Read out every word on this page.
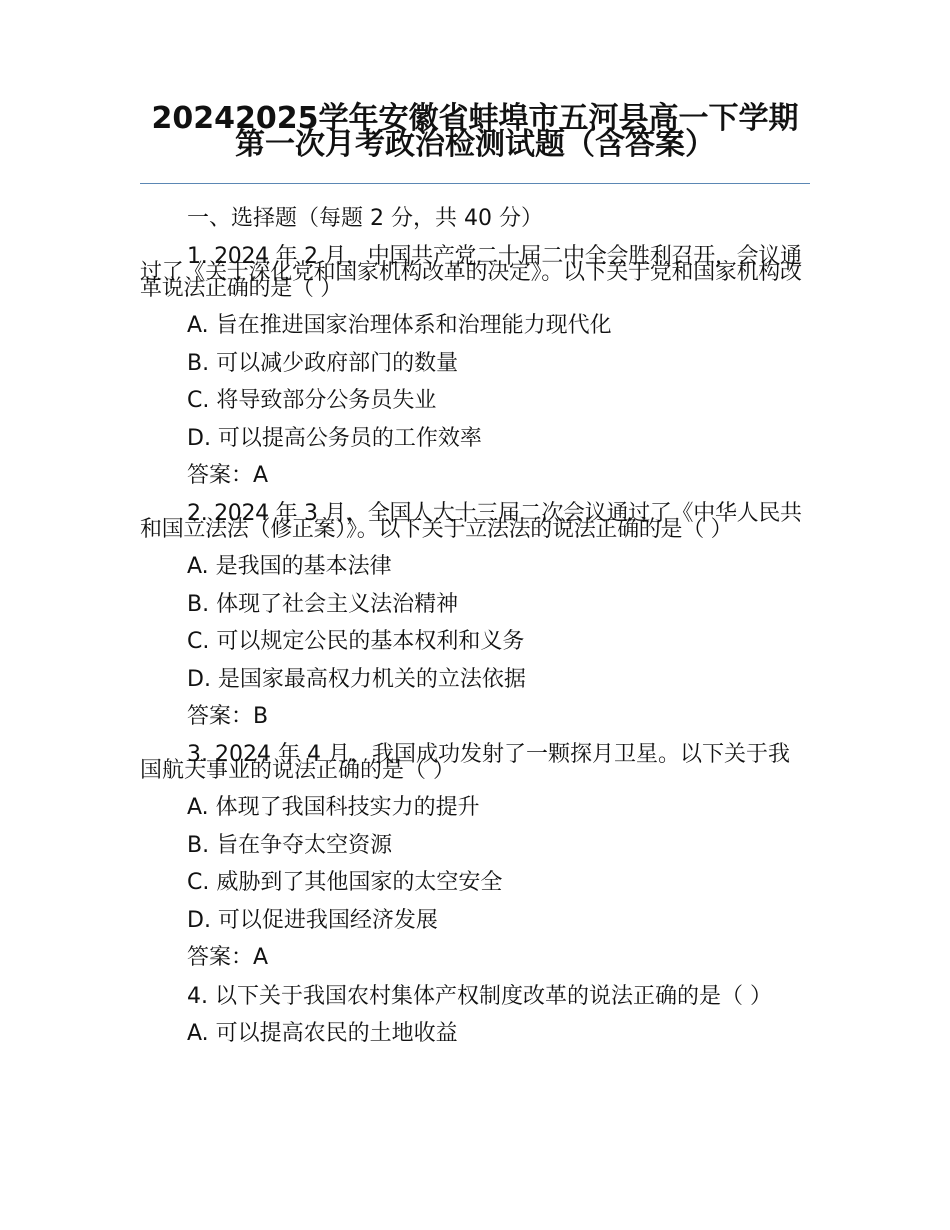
20242025学年安徽省蚌埠市五河县高一下学期第一次月考政治检测试题（含答案）
一、选择题（每题 2 分，共 40 分）
1. 2024 年 2 月，中国共产党二十届二中全会胜利召开，会议通过了《关于深化党和国家机构改革的决定》。以下关于党和国家机构改革说法正确的是（ ）
A. 旨在推进国家治理体系和治理能力现代化
B. 可以减少政府部门的数量
C. 将导致部分公务员失业
D. 可以提高公务员的工作效率
答案：A
2. 2024 年 3 月，全国人大十三届二次会议通过了《中华人民共和国立法法（修正案）》。以下关于立法法的说法正确的是（ ）
A. 是我国的基本法律
B. 体现了社会主义法治精神
C. 可以规定公民的基本权利和义务
D. 是国家最高权力机关的立法依据
答案：B
3. 2024 年 4 月，我国成功发射了一颗探月卫星。以下关于我国航天事业的说法正确的是（ ）
A. 体现了我国科技实力的提升
B. 旨在争夺太空资源
C. 威胁到了其他国家的太空安全
D. 可以促进我国经济发展
答案：A
4. 以下关于我国农村集体产权制度改革的说法正确的是（ ）
A. 可以提高农民的土地收益
